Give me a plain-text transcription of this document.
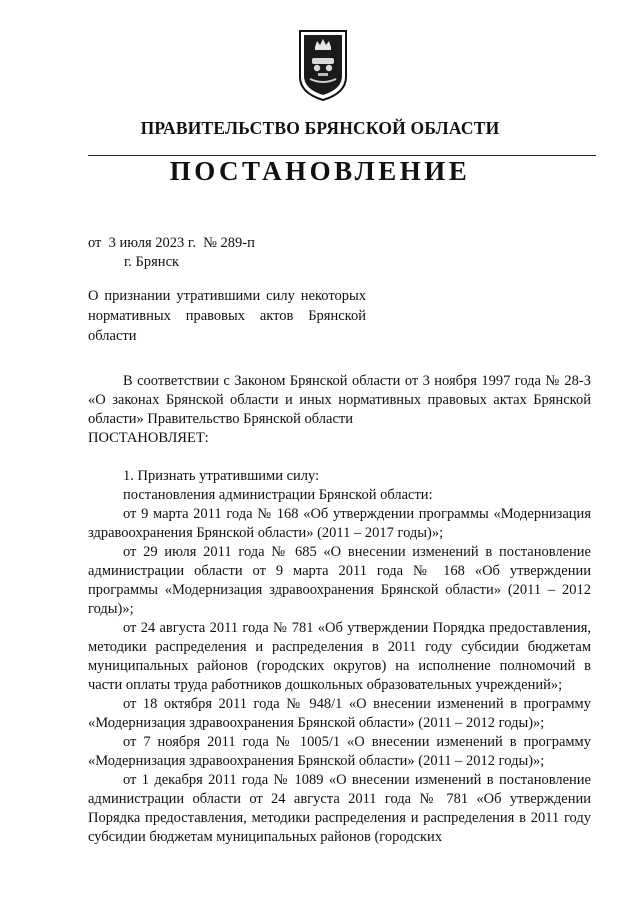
ПРАВИТЕЛЬСТВО БРЯНСКОЙ ОБЛАСТИ
ПОСТАНОВЛЕНИЕ
от  3 июля 2023 г.  № 289-п
г. Брянск
О признании утратившими силу некоторых нормативных правовых актов Брянской области

В соответствии с Законом Брянской области от 3 ноября 1997 года № 28-З «О законах Брянской области и иных нормативных правовых актах Брянской области» Правительство Брянской области

ПОСТАНОВЛЯЕТ:

1. Признать утратившими силу:

постановления администрации Брянской области:

от 9 марта 2011 года № 168 «Об утверждении программы «Модернизация здравоохранения Брянской области» (2011 – 2017 годы)»;

от 29 июля 2011 года № 685 «О внесении изменений в постановление администрации области от 9 марта 2011 года № 168 «Об утверждении программы «Модернизация здравоохранения Брянской области» (2011 – 2012 годы)»;

от 24 августа 2011 года № 781 «Об утверждении Порядка предоставления, методики распределения и распределения в 2011 году субсидии бюджетам муниципальных районов (городских округов) на исполнение полномочий в части оплаты труда работников дошкольных образовательных учреждений»;

от 18 октября 2011 года № 948/1 «О внесении изменений в программу «Модернизация здравоохранения Брянской области» (2011 – 2012 годы)»;

от 7 ноября 2011 года № 1005/1 «О внесении изменений в программу «Модернизация здравоохранения Брянской области» (2011 – 2012 годы)»;

от 1 декабря 2011 года № 1089 «О внесении изменений в постановление администрации области от 24 августа 2011 года № 781 «Об утверждении Порядка предоставления, методики распределения и распределения в 2011 году субсидии бюджетам муниципальных районов (городских
